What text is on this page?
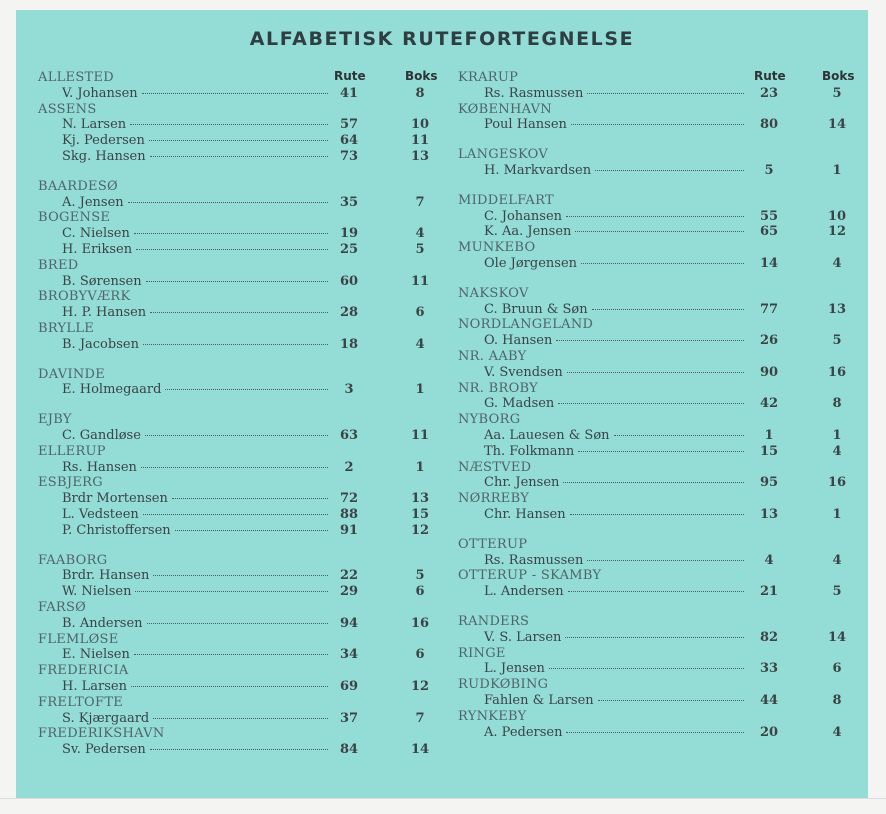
ALFABETISK RUTEFORTEGNELSE
Rute	Boks
ALLESTED
V. Johansen	41	8
ASSENS
N. Larsen	57	10
Kj. Pedersen	64	11
Skg. Hansen	73	13
BAARDESØ
A. Jensen	35	7
BOGENSE
C. Nielsen	19	4
H. Eriksen	25	5
BRED
B. Sørensen	60	11
BROBYVÆRK
H. P. Hansen	28	6
BRYLLE
B. Jacobsen	18	4
DAVINDE
E. Holmegaard	3	1
EJBY
C. Gandløse	63	11
ELLERUP
Rs. Hansen	2	1
ESBJERG
Brdr Mortensen	72	13
L. Vedsteen	88	15
P. Christoffersen	91	12
FAABORG
Brdr. Hansen	22	5
W. Nielsen	29	6
FARSØ
B. Andersen	94	16
FLEMLØSE
E. Nielsen	34	6
FREDERICIA
H. Larsen	69	12
FRELTOFTE
S. Kjærgaard	37	7
FREDERIKSHAVN
Sv. Pedersen	84	14
Rute	Boks
KRARUP
Rs. Rasmussen	23	5
KØBENHAVN
Poul Hansen	80	14
LANGESKOV
H. Markvardsen	5	1
MIDDELFART
C. Johansen	55	10
K. Aa. Jensen	65	12
MUNKEBO
Ole Jørgensen	14	4
NAKSKOV
C. Bruun & Søn	77	13
NORDLANGELAND
O. Hansen	26	5
NR. AABY
V. Svendsen	90	16
NR. BROBY
G. Madsen	42	8
NYBORG
Aa. Lauesen & Søn	1	1
Th. Folkmann	15	4
NÆSTVED
Chr. Jensen	95	16
NØRREBY
Chr. Hansen	13	1
OTTERUP
Rs. Rasmussen	4	4
OTTERUP - SKAMBY
L. Andersen	21	5
RANDERS
V. S. Larsen	82	14
RINGE
L. Jensen	33	6
RUDKØBING
Fahlen & Larsen	44	8
RYNKEBY
A. Pedersen	20	4
